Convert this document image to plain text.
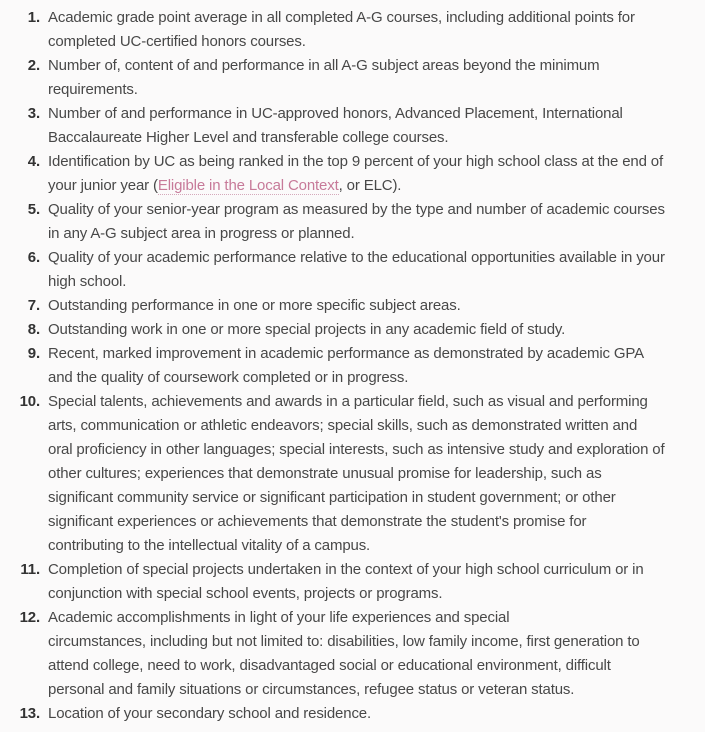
1. Academic grade point average in all completed A-G courses, including additional points for completed UC-certified honors courses.
2. Number of, content of and performance in all A-G subject areas beyond the minimum requirements.
3. Number of and performance in UC-approved honors, Advanced Placement, International Baccalaureate Higher Level and transferable college courses.
4. Identification by UC as being ranked in the top 9 percent of your high school class at the end of your junior year (Eligible in the Local Context, or ELC).
5. Quality of your senior-year program as measured by the type and number of academic courses in any A-G subject area in progress or planned.
6. Quality of your academic performance relative to the educational opportunities available in your high school.
7. Outstanding performance in one or more specific subject areas.
8. Outstanding work in one or more special projects in any academic field of study.
9. Recent, marked improvement in academic performance as demonstrated by academic GPA and the quality of coursework completed or in progress.
10. Special talents, achievements and awards in a particular field, such as visual and performing arts, communication or athletic endeavors; special skills, such as demonstrated written and oral proficiency in other languages; special interests, such as intensive study and exploration of other cultures; experiences that demonstrate unusual promise for leadership, such as significant community service or significant participation in student government; or other significant experiences or achievements that demonstrate the student's promise for contributing to the intellectual vitality of a campus.
11. Completion of special projects undertaken in the context of your high school curriculum or in conjunction with special school events, projects or programs.
12. Academic accomplishments in light of your life experiences and special
circumstances, including but not limited to: disabilities, low family income, first generation to attend college, need to work, disadvantaged social or educational environment, difficult personal and family situations or circumstances, refugee status or veteran status.
13. Location of your secondary school and residence.
